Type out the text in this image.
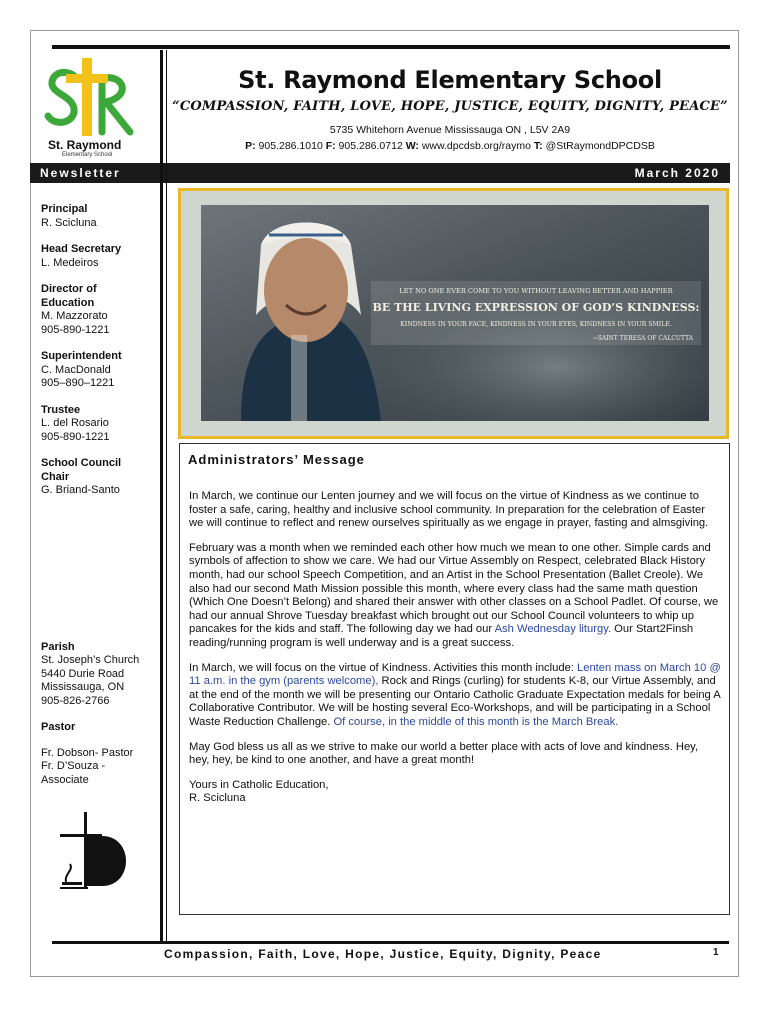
St. Raymond
Elementary School
St. Raymond Elementary School
“COMPASSION, FAITH, LOVE, HOPE, JUSTICE, EQUITY, DIGNITY, PEACE”
5735 Whitehorn Avenue Mississauga ON , L5V 2A9
P: 905.286.1010 F: 905.286.0712 W: www.dpcdsb.org/raymo T: @StRaymondDPCDSB
Newsletter	March 2020
Principal
R. Scicluna
Head Secretary
L. Medeiros
Director of
Education
M. Mazzorato
905-890-1221
Superintendent
C. MacDonald
905–890–1221
Trustee
L. del Rosario
905-890-1221
School Council
Chair
G. Briand-Santo
Parish
St. Joseph’s Church
5440 Durie Road
Mississauga, ON
905-826-2766
Pastor
Fr. Dobson- Pastor
Fr. D’Souza -
Associate
LET NO ONE EVER COME TO YOU WITHOUT LEAVING BETTER AND HAPPIER
BE THE LIVING EXPRESSION OF GOD’S KINDNESS:
KINDNESS IN YOUR FACE, KINDNESS IN YOUR EYES, KINDNESS IN YOUR SMILE.
~SAINT TERESA OF CALCUTTA
Administrators’ Message

In March, we continue our Lenten journey and we will focus on the virtue of Kindness as we continue to foster a safe, caring, healthy and inclusive school community. In preparation for the celebration of Easter we will continue to reflect and renew ourselves spiritually as we engage in prayer, fasting and almsgiving.

February was a month when we reminded each other how much we mean to one other. Simple cards and symbols of affection to show we care. We had our Virtue Assembly on Respect, celebrated Black History month, had our school Speech Competition, and an Artist in the School Presentation (Ballet Creole). We also had our second Math Mission possible this month, where every class had the same math question (Which One Doesn’t Belong) and shared their answer with other classes on a School Padlet. Of course, we had our annual Shrove Tuesday breakfast which brought out our School Council volunteers to whip up pancakes for the kids and staff. The following day we had our Ash Wednesday liturgy. Our Start2Finsh reading/running program is well underway and is a great success.

In March, we will focus on the virtue of Kindness. Activities this month include: Lenten mass on March 10 @ 11 a.m. in the gym (parents welcome), Rock and Rings (curling) for students K-8, our Virtue Assembly, and at the end of the month we will be presenting our Ontario Catholic Graduate Expectation medals for being A Collaborative Contributor. We will be hosting several Eco-Workshops, and will be participating in a School Waste Reduction Challenge. Of course, in the middle of this month is the March Break.

May God bless us all as we strive to make our world a better place with acts of love and kindness. Hey, hey, hey, be kind to one another, and have a great month!

Yours in Catholic Education,
R. Scicluna

Compassion, Faith, Love, Hope, Justice, Equity, Dignity, Peace	1
